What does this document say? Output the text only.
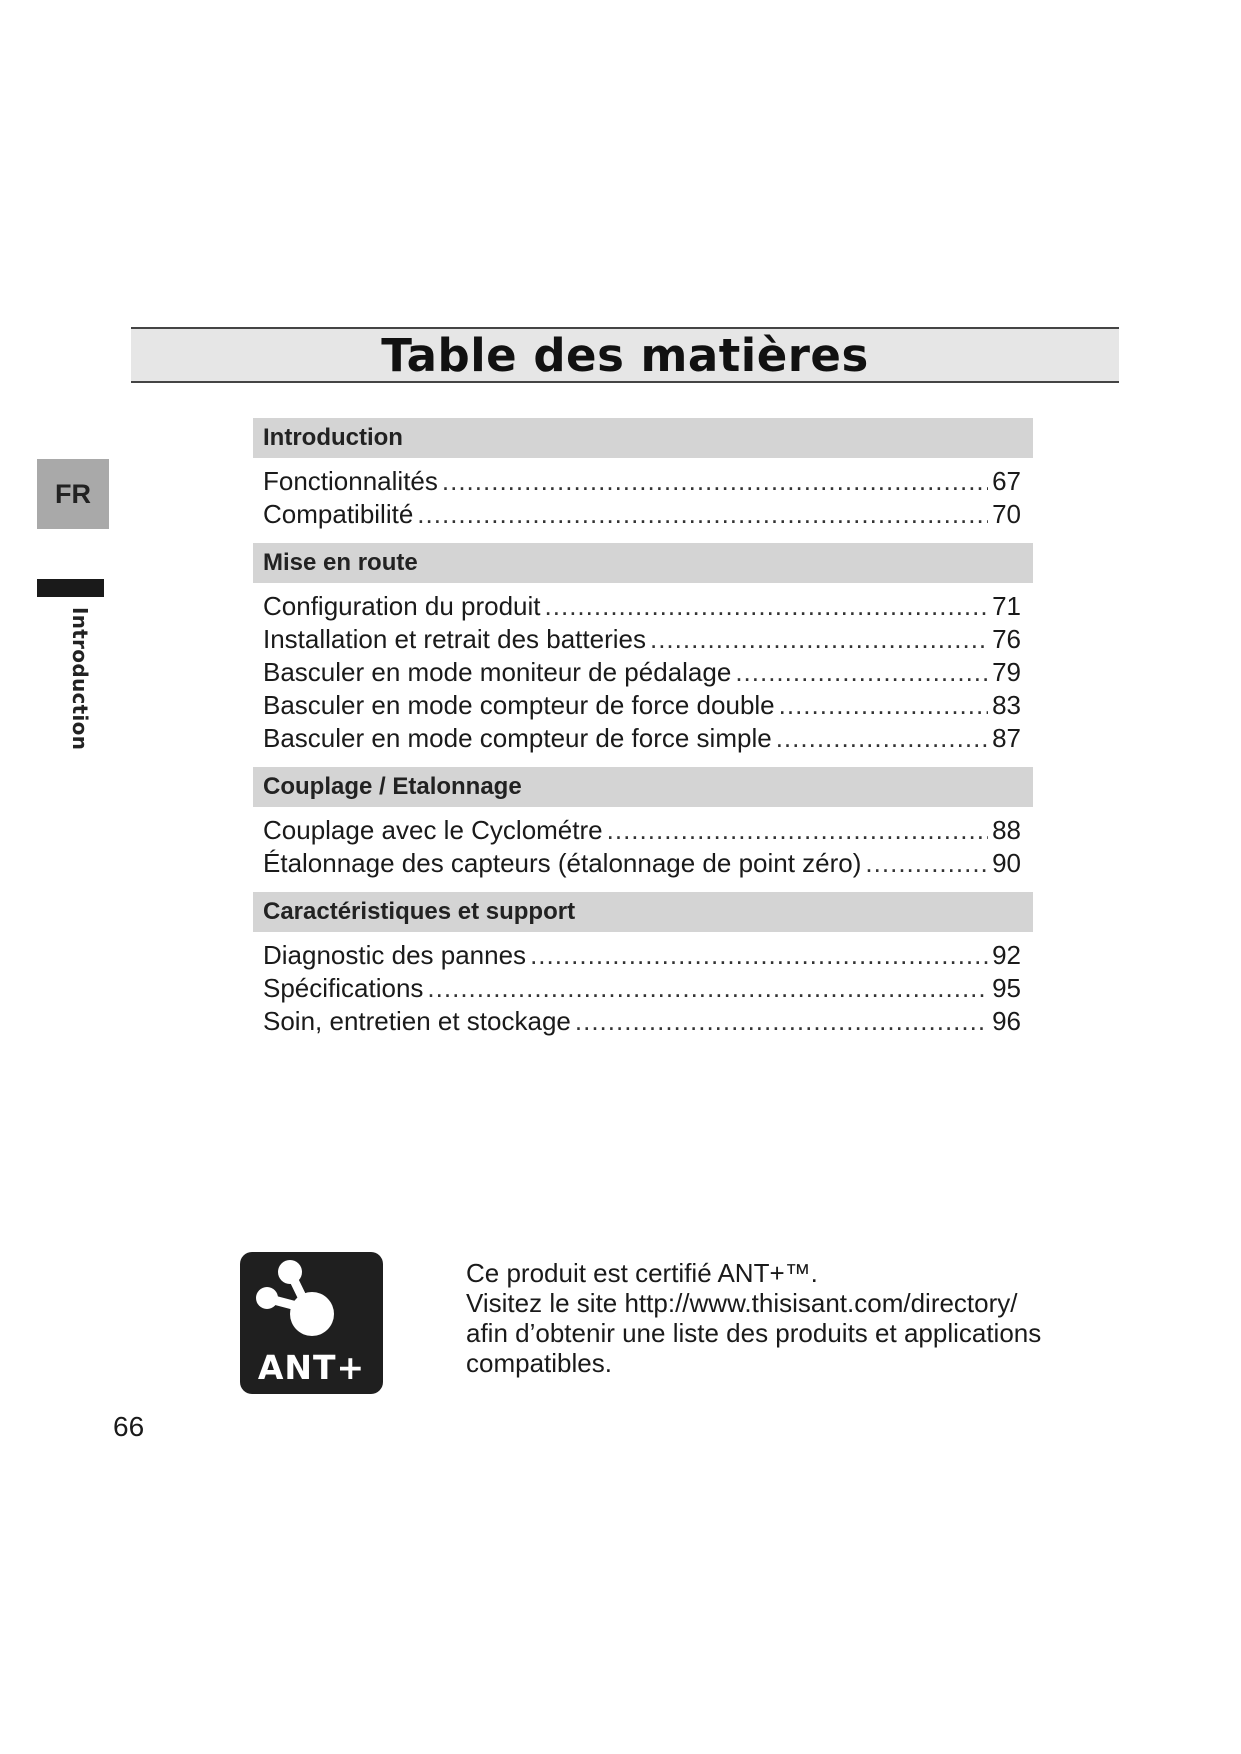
Table des matières
FR
Introduction
Introduction
Fonctionnalités .....	67
Compatibilité .....	70
Mise en route
Configuration du produit .....	71
Installation et retrait des batteries .....	76
Basculer en mode moniteur de pédalage .....	79
Basculer en mode compteur de force double .....	83
Basculer en mode compteur de force simple .....	87
Couplage / Etalonnage
Couplage avec le Cyclométre .....	88
Étalonnage des capteurs (étalonnage de point zéro) .....	90
Caractéristiques et support
Diagnostic des pannes .....	92
Spécifications .....	95
Soin, entretien et stockage .....	96
ANT+

Ce produit est certifié ANT+™.

Visitez le site http://www.thisisant.com/directory/

afin d’obtenir une liste des produits et applications

compatibles.

66
